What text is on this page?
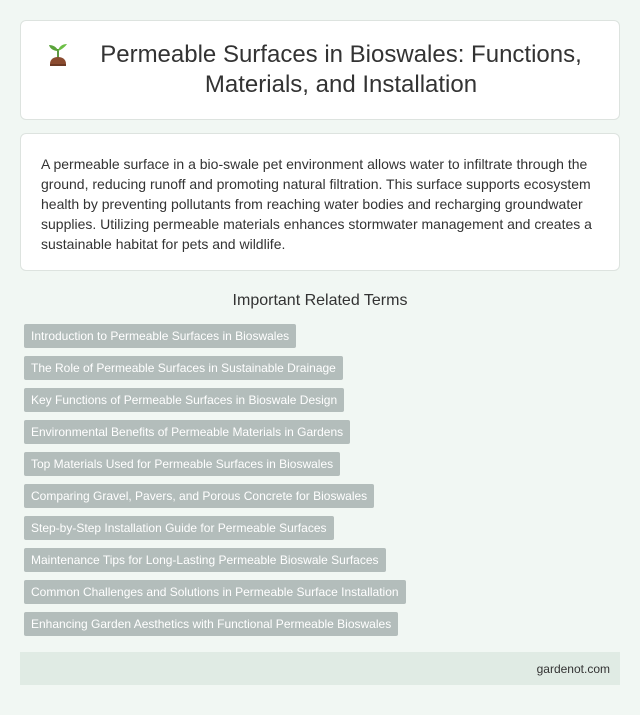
Permeable Surfaces in Bioswales: Functions, Materials, and Installation

A permeable surface in a bio-swale pet environment allows water to infiltrate through the ground, reducing runoff and promoting natural filtration. This surface supports ecosystem health by preventing pollutants from reaching water bodies and recharging groundwater supplies. Utilizing permeable materials enhances stormwater management and creates a sustainable habitat for pets and wildlife.

Important Related Terms
Introduction to Permeable Surfaces in Bioswales
The Role of Permeable Surfaces in Sustainable Drainage
Key Functions of Permeable Surfaces in Bioswale Design
Environmental Benefits of Permeable Materials in Gardens
Top Materials Used for Permeable Surfaces in Bioswales
Comparing Gravel, Pavers, and Porous Concrete for Bioswales
Step-by-Step Installation Guide for Permeable Surfaces
Maintenance Tips for Long-Lasting Permeable Bioswale Surfaces
Common Challenges and Solutions in Permeable Surface Installation
Enhancing Garden Aesthetics with Functional Permeable Bioswales
gardenot.com
